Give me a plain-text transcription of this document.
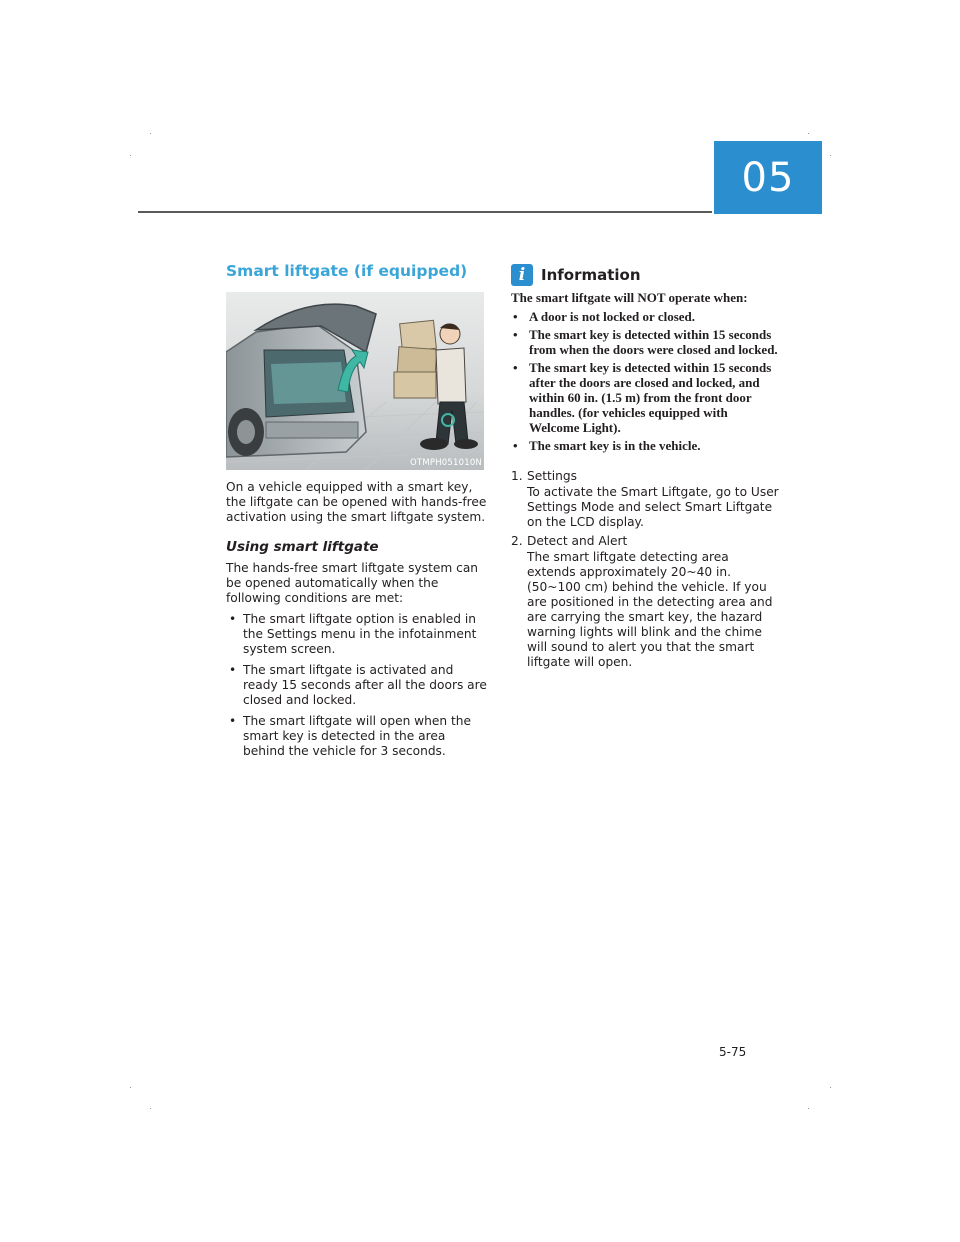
05
Smart liftgate (if equipped)
OTMPH051010N

On a vehicle equipped with a smart key, the liftgate can be opened with hands-free activation using the smart liftgate system.

Using smart liftgate

The hands-free smart liftgate system can be opened automatically when the following conditions are met:

• The smart liftgate option is enabled in the Settings menu in the infotainment system screen.
• The smart liftgate is activated and ready 15 seconds after all the doors are closed and locked.
• The smart liftgate will open when the smart key is detected in the area behind the vehicle for 3 seconds.
i	Information

The smart liftgate will NOT operate when:

• A door is not locked or closed.
• The smart key is detected within 15 seconds from when the doors were closed and locked.
• The smart key is detected within 15 seconds after the doors are closed and locked, and within 60 in. (1.5 m) from the front door handles. (for vehicles equipped with Welcome Light).
• The smart key is in the vehicle.
1. Settings
To activate the Smart Liftgate, go to User Settings Mode and select Smart Liftgate on the LCD display.
2. Detect and Alert
The smart liftgate detecting area extends approximately 20~40 in. (50~100 cm) behind the vehicle. If you are positioned in the detecting area and are carrying the smart key, the hazard warning lights will blink and the chime will sound to alert you that the smart liftgate will open.
5-75
